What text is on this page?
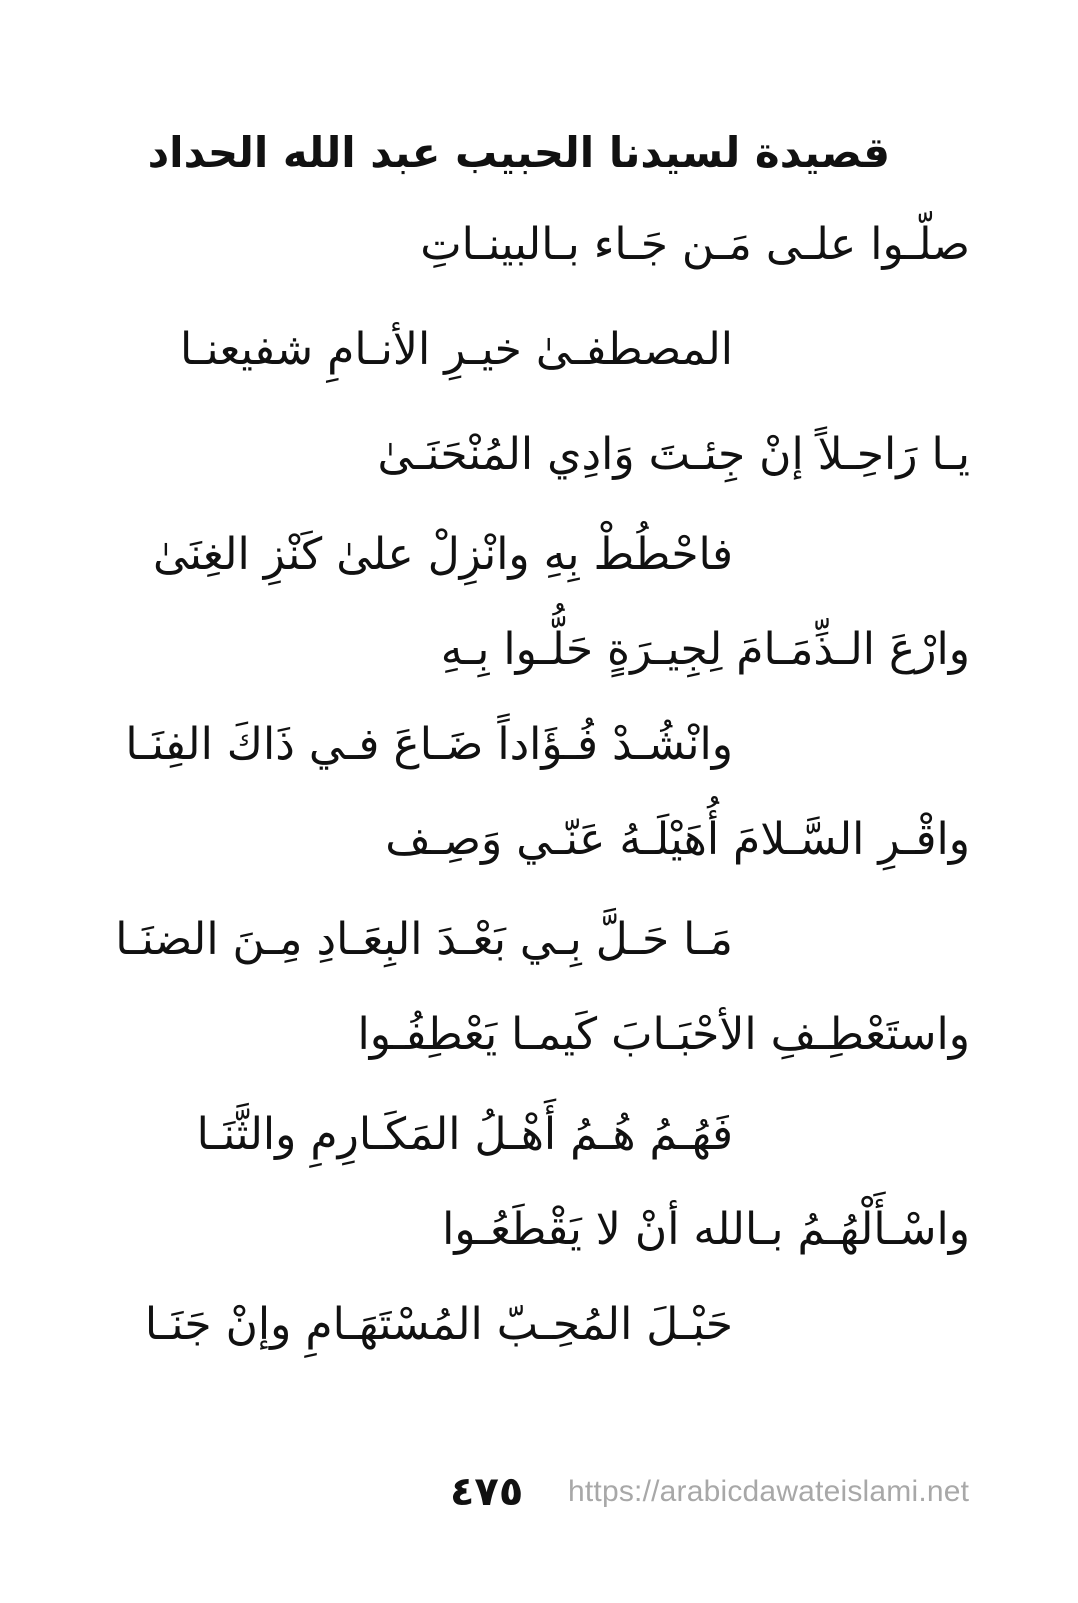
قصيدة لسيدنا الحبيب عبد الله الحداد
صلّـوا علـى مَـن جَـاء بـالبينـاتِ
المصطفـىٰ خيـرِ الأنـامِ شفيعنـا
يـا رَاحِـلاً إنْ جِئـتَ وَادِي المُنْحَنَـىٰ
فاحْطُطْ بِهِ وانْزِلْ علىٰ كَنْزِ الغِنَىٰ
وارْعَ الـذِّمَـامَ لِجِيـرَةٍ حَلُّـوا بِـهِ
وانْشُـدْ فُـؤَاداً ضَـاعَ فـي ذَاكَ الفِنَـا
واقْـرِ السَّـلامَ أُهَيْلَـهُ عَنّـي وَصِـف
مَـا حَـلَّ بِـي بَعْـدَ البِعَـادِ مِـنَ الضنَـا
واستَعْطِـفِ الأحْبَـابَ كَيمـا يَعْطِفُـوا
فَهُـمُ هُـمُ أَهْـلُ المَكَـارِمِ والثَّنَـا
واسْـأَلْهُـمُ بـالله أنْ لا يَقْطَعُـوا
حَبْـلَ المُحِـبّ المُسْتَهَـامِ وإنْ جَنَـا
٤٧٥ https://arabicdawateislami.net
